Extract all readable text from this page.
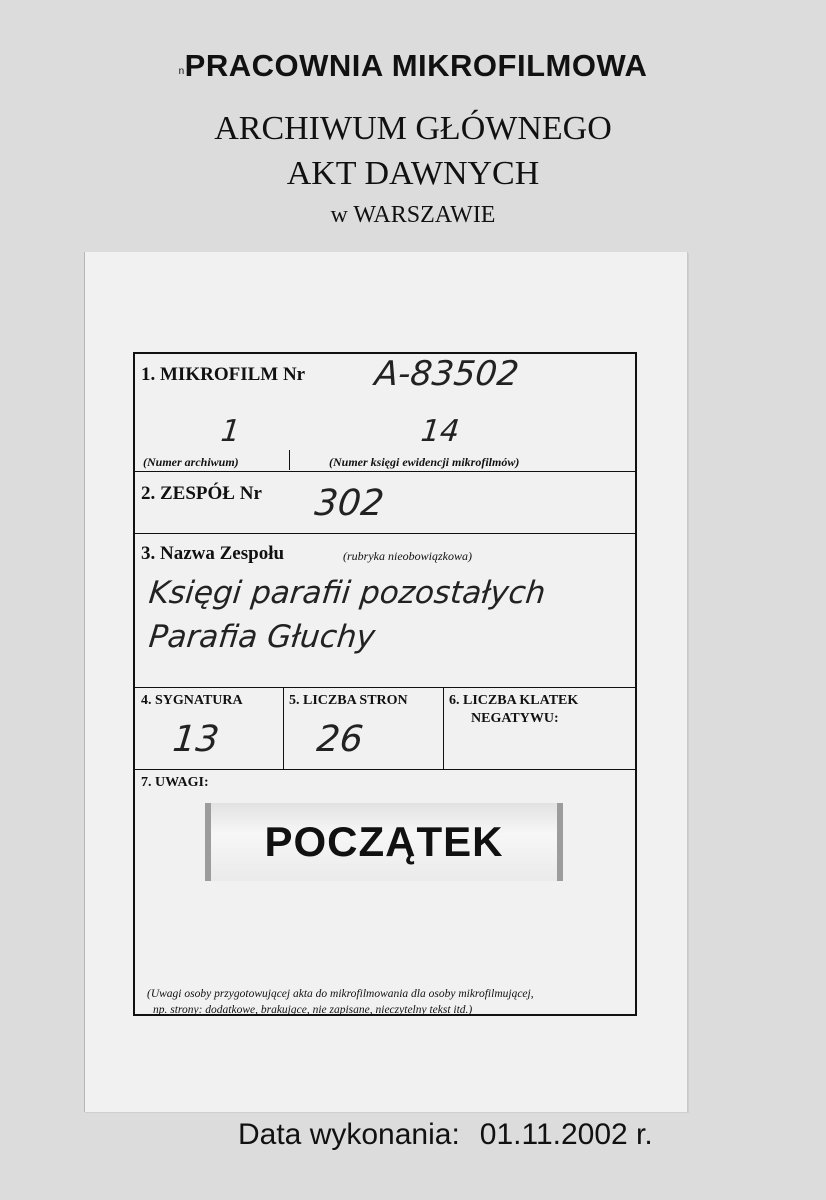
nPRACOWNIA MIKROFILMOWA
ARCHIWUM GŁÓWNEGO
AKT DAWNYCH
w WARSZAWIE
1. MIKROFILM Nr A-83502
1	14
(Numer archiwum)	(Numer księgi ewidencji mikrofilmów)
2. ZESPÓŁ Nr 302
3. Nazwa Zespołu	(rubryka nieobowiązkowa)
Księgi parafii pozostałych
Parafia Głuchy
4. SYGNATURA
13
5. LICZBA STRON
26
6. LICZBA KLATEK
NEGATYWU:
7. UWAGI:
POCZĄTEK
(Uwagi osoby przygotowującej akta do mikrofilmowania dla osoby mikrofilmującej,
np. strony: dodatkowe, brakujące, nie zapisane, nieczytelny tekst itd.)
Data wykonania: 01.11.2002 r.
